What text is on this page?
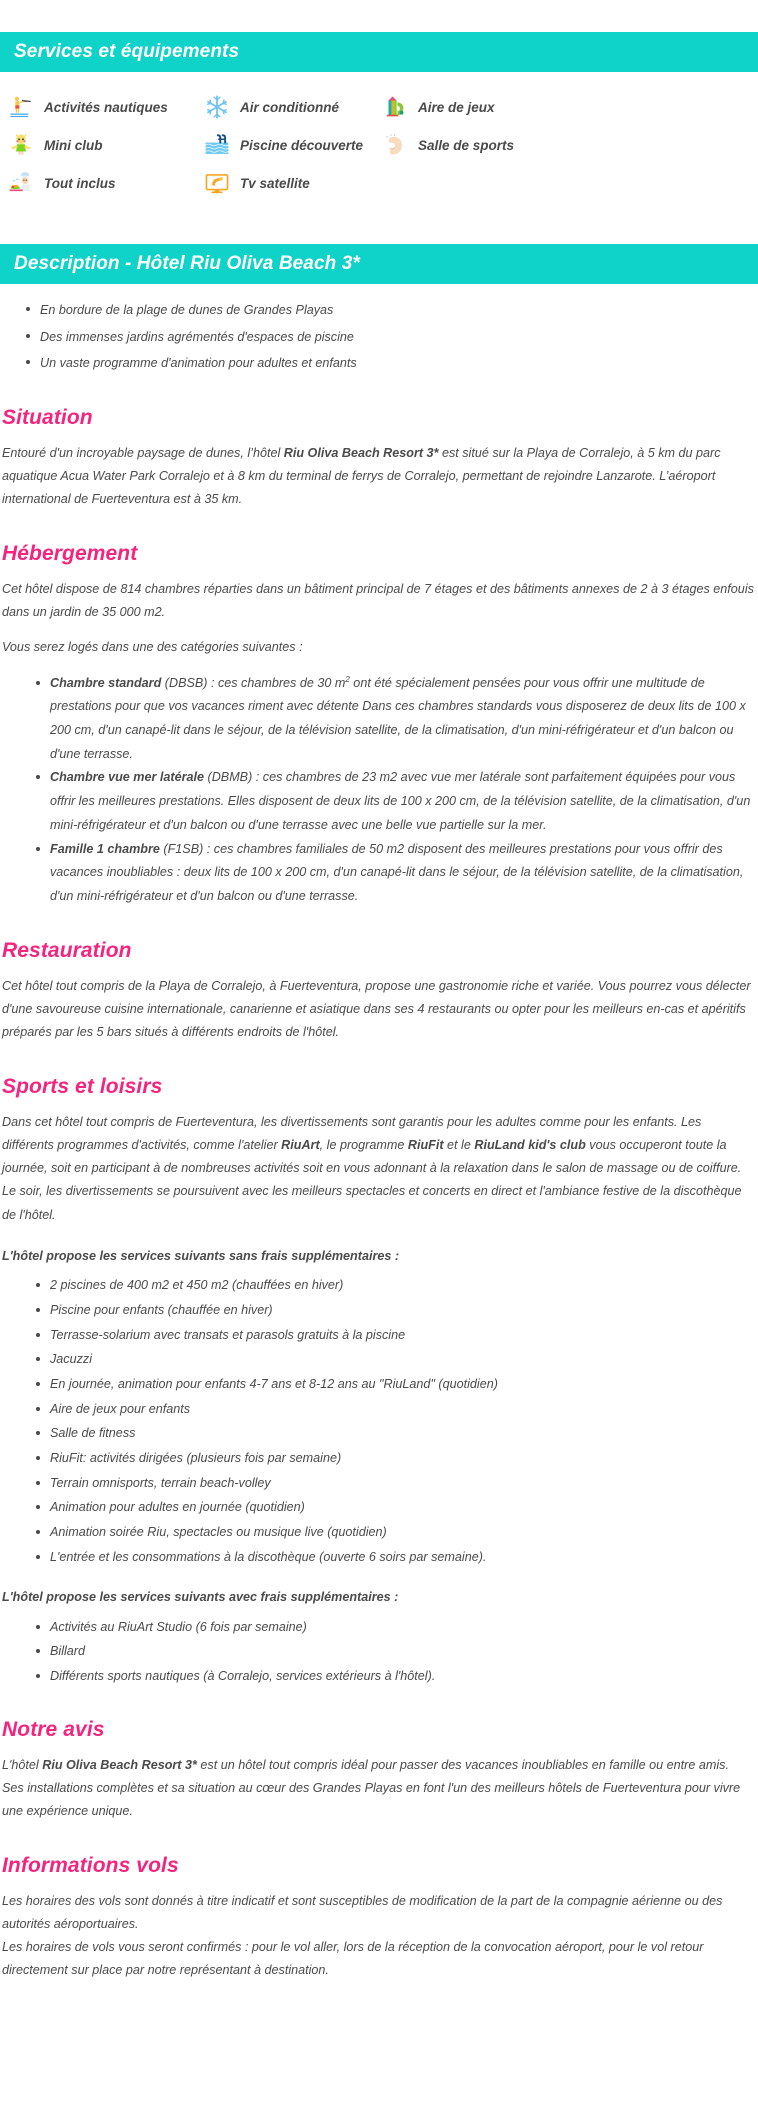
Services et équipements
Activités nautiques	Air conditionné	Aire de jeux
Mini club	Piscine découverte	Salle de sports
Tout inclus	Tv satellite
Description - Hôtel Riu Oliva Beach 3*
En bordure de la plage de dunes de Grandes Playas
Des immenses jardins agrémentés d'espaces de piscine
Un vaste programme d'animation pour adultes et enfants
Situation

Entouré d'un incroyable paysage de dunes, l’hôtel Riu Oliva Beach Resort 3* est situé sur la Playa de Corralejo, à 5 km du parc aquatique Acua Water Park Corralejo et à 8 km du terminal de ferrys de Corralejo, permettant de rejoindre Lanzarote. L’aéroport international de Fuerteventura est à 35 km.

Hébergement

Cet hôtel dispose de 814 chambres réparties dans un bâtiment principal de 7 étages et des bâtiments annexes de 2 à 3 étages enfouis dans un jardin de 35 000 m2.

Vous serez logés dans une des catégories suivantes :

Chambre standard (DBSB) : ces chambres de 30 $m^2$ ont été spécialement pensées pour vous offrir une multitude de prestations pour que vos vacances riment avec détente Dans ces chambres standards vous disposerez de deux lits de 100 x 200 cm, d'un canapé-lit dans le séjour, de la télévision satellite, de la climatisation, d'un mini-réfrigérateur et d'un balcon ou d'une terrasse.
Chambre vue mer latérale (DBMB) : ces chambres de 23 m2 avec vue mer latérale sont parfaitement équipées pour vous offrir les meilleures prestations. Elles disposent de deux lits de 100 x 200 cm, de la télévision satellite, de la climatisation, d'un mini-réfrigérateur et d'un balcon ou d'une terrasse avec une belle vue partielle sur la mer.
Famille 1 chambre (F1SB) : ces chambres familiales de 50 m2 disposent des meilleures prestations pour vous offrir des vacances inoubliables : deux lits de 100 x 200 cm, d'un canapé-lit dans le séjour, de la télévision satellite, de la climatisation, d'un mini-réfrigérateur et d'un balcon ou d'une terrasse.
Restauration

Cet hôtel tout compris de la Playa de Corralejo, à Fuerteventura, propose une gastronomie riche et variée. Vous pourrez vous délecter d'une savoureuse cuisine internationale, canarienne et asiatique dans ses 4 restaurants ou opter pour les meilleurs en-cas et apéritifs préparés par les 5 bars situés à différents endroits de l'hôtel.

Sports et loisirs

Dans cet hôtel tout compris de Fuerteventura, les divertissements sont garantis pour les adultes comme pour les enfants. Les différents programmes d'activités, comme l'atelier RiuArt, le programme RiuFit et le RiuLand kid's club vous occuperont toute la journée, soit en participant à de nombreuses activités soit en vous adonnant à la relaxation dans le salon de massage ou de coiffure. Le soir, les divertissements se poursuivent avec les meilleurs spectacles et concerts en direct et l'ambiance festive de la discothèque de l'hôtel.

L'hôtel propose les services suivants sans frais supplémentaires :

2 piscines de 400 m2 et 450 m2 (chauffées en hiver)
Piscine pour enfants (chauffée en hiver)
Terrasse-solarium avec transats et parasols gratuits à la piscine
Jacuzzi
En journée, animation pour enfants 4-7 ans et 8-12 ans au "RiuLand" (quotidien)
Aire de jeux pour enfants
Salle de fitness
RiuFit: activités dirigées (plusieurs fois par semaine)
Terrain omnisports, terrain beach-volley
Animation pour adultes en journée (quotidien)
Animation soirée Riu, spectacles ou musique live (quotidien)
L'entrée et les consommations à la discothèque (ouverte 6 soirs par semaine).

L'hôtel propose les services suivants avec frais supplémentaires :

Activités au RiuArt Studio (6 fois par semaine)
Billard
Différents sports nautiques (à Corralejo, services extérieurs à l'hôtel).
Notre avis

L'hôtel Riu Oliva Beach Resort 3* est un hôtel tout compris idéal pour passer des vacances inoubliables en famille ou entre amis. Ses installations complètes et sa situation au cœur des Grandes Playas en font l'un des meilleurs hôtels de Fuerteventura pour vivre une expérience unique.

Informations vols

Les horaires des vols sont donnés à titre indicatif et sont susceptibles de modification de la part de la compagnie aérienne ou des autorités aéroportuaires.

Les horaires de vols vous seront confirmés : pour le vol aller, lors de la réception de la convocation aéroport, pour le vol retour directement sur place par notre représentant à destination.
